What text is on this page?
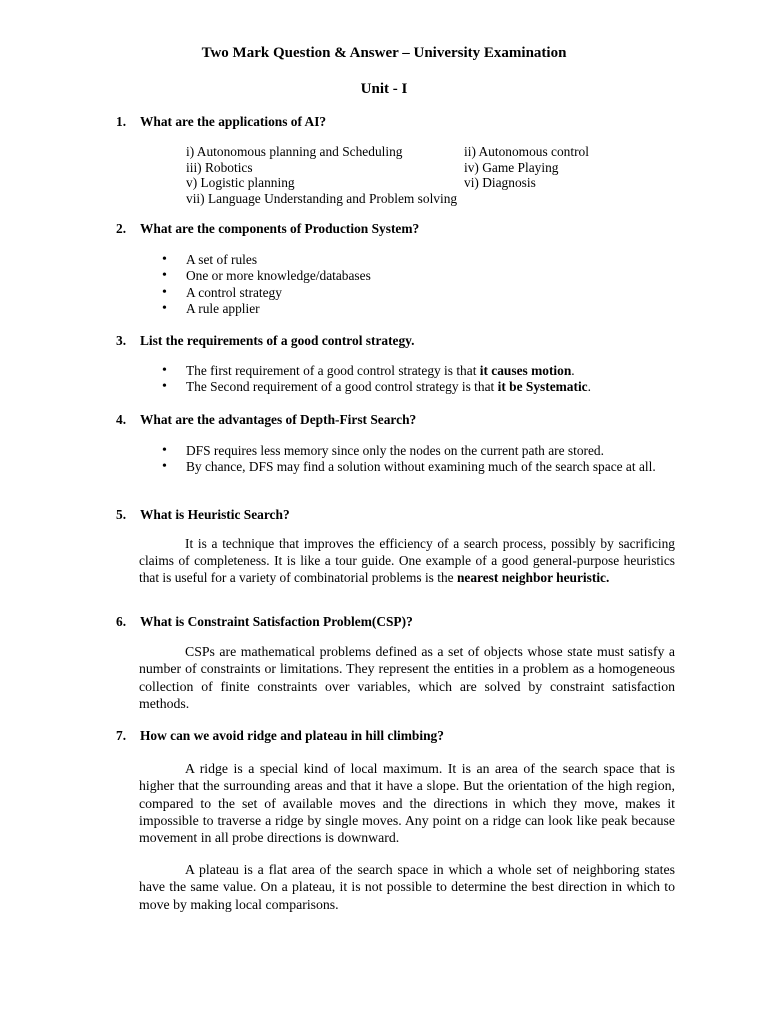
Two Mark Question & Answer – University Examination
Unit - I
1. What are the applications of AI?
i) Autonomous planning and Scheduling	ii) Autonomous control
iii) Robotics	iv) Game Playing
v) Logistic planning	vi) Diagnosis
vii) Language Understanding and Problem solving
2. What are the components of Production System?
• A set of rules
• One or more knowledge/databases
• A control strategy
• A rule applier
3. List the requirements of a good control strategy.
• The first requirement of a good control strategy is that it causes motion.
• The Second requirement of a good control strategy is that it be Systematic.
4. What are the advantages of Depth-First Search?
• DFS requires less memory since only the nodes on the current path are stored.
• By chance, DFS may find a solution without examining much of the search space at all.
5. What is Heuristic Search?
It is a technique that improves the efficiency of a search process, possibly by sacrificing claims of completeness. It is like a tour guide. One example of a good general-purpose heuristics that is useful for a variety of combinatorial problems is the nearest neighbor heuristic.
6. What is Constraint Satisfaction Problem(CSP)?
CSPs are mathematical problems defined as a set of objects whose state must satisfy a number of constraints or limitations. They represent the entities in a problem as a homogeneous collection of finite constraints over variables, which are solved by constraint satisfaction methods.
7. How can we avoid ridge and plateau in hill climbing?
A ridge is a special kind of local maximum. It is an area of the search space that is higher that the surrounding areas and that it have a slope. But the orientation of the high region, compared to the set of available moves and the directions in which they move, makes it impossible to traverse a ridge by single moves. Any point on a ridge can look like peak because movement in all probe directions is downward.
A plateau is a flat area of the search space in which a whole set of neighboring states have the same value. On a plateau, it is not possible to determine the best direction in which to move by making local comparisons.
